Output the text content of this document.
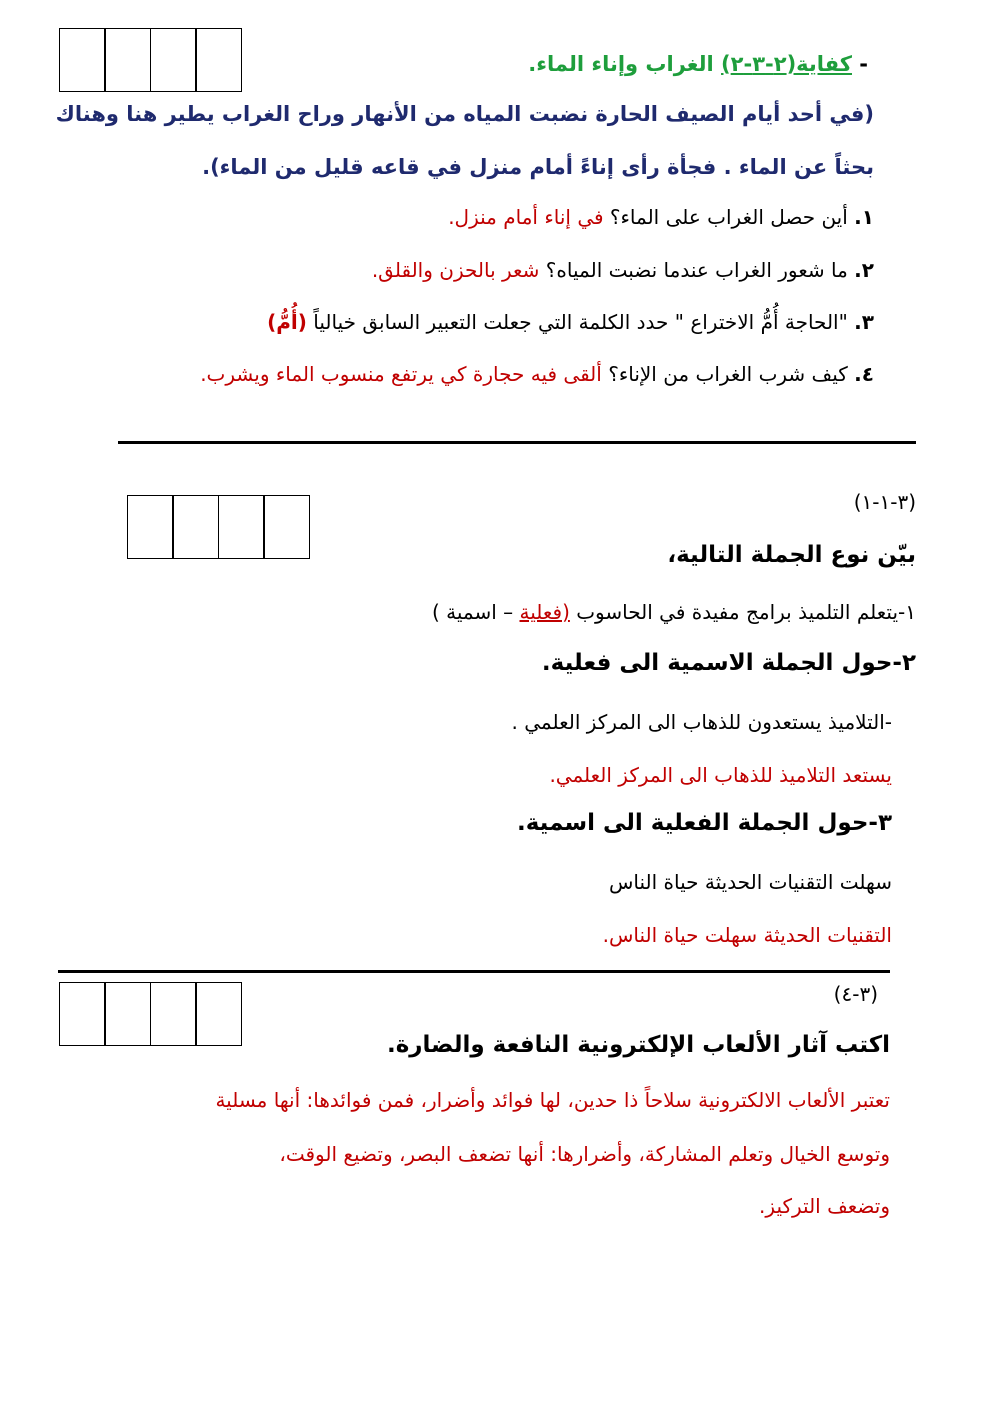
كفاية(٢-٣-٢) الغراب وإناء الماء.	-
(في أحد أيام الصيف الحارة نضبت المياه من الأنهار وراح الغراب يطير هنا وهناك
بحثاً عن الماء . فجأة رأى إناءً أمام منزل في قاعه قليل من الماء).
١. أين حصل الغراب على الماء؟ في إناء أمام منزل.
٢. ما شعور الغراب عندما نضبت المياه؟ شعر بالحزن والقلق.
٣. "الحاجة أُمُّ الاختراع " حدد الكلمة التي جعلت التعبير السابق خيالياً (أُمُّ)
٤. كيف شرب الغراب من الإناء؟ ألقى فيه حجارة كي يرتفع منسوب الماء ويشرب.
(٣-١-١)
بيّن نوع الجملة التالية،
١-يتعلم التلميذ برامج مفيدة في الحاسوب (فعلية – اسمية )
٢-حول الجملة الاسمية الى فعلية.
-التلاميذ يستعدون للذهاب الى المركز العلمي .
يستعد التلاميذ للذهاب الى المركز العلمي.
٣-حول الجملة الفعلية الى اسمية.
سهلت التقنيات الحديثة حياة الناس
التقنيات الحديثة سهلت حياة الناس.
(٣-٤)
اكتب آثار الألعاب الإلكترونية النافعة والضارة.
تعتبر الألعاب الالكترونية سلاحاً ذا حدين، لها فوائد وأضرار، فمن فوائدها: أنها مسلية
وتوسع الخيال وتعلم المشاركة، وأضرارها: أنها تضعف البصر، وتضيع الوقت،
وتضعف التركيز.
